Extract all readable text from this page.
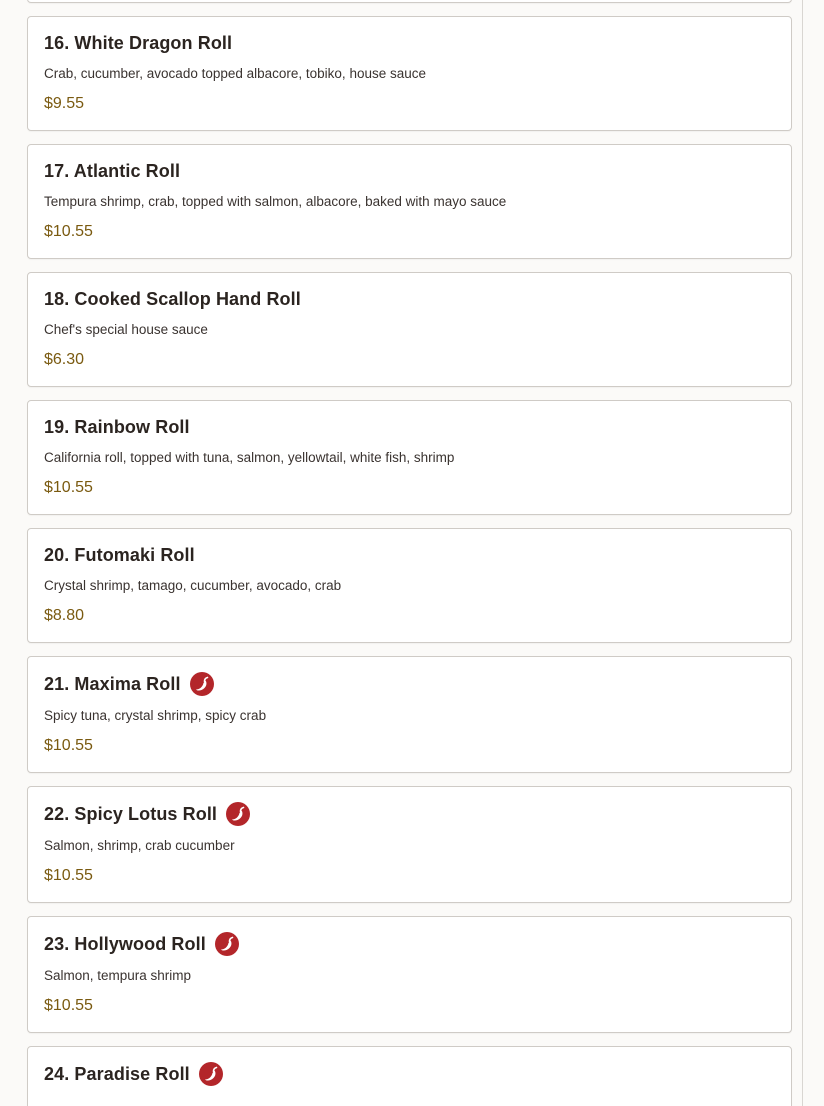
16. White Dragon Roll
Crab, cucumber, avocado topped albacore, tobiko, house sauce
$9.55
17. Atlantic Roll
Tempura shrimp, crab, topped with salmon, albacore, baked with mayo sauce
$10.55
18. Cooked Scallop Hand Roll
Chef's special house sauce
$6.30
19. Rainbow Roll
California roll, topped with tuna, salmon, yellowtail, white fish, shrimp
$10.55
20. Futomaki Roll
Crystal shrimp, tamago, cucumber, avocado, crab
$8.80
21. Maxima Roll
Spicy tuna, crystal shrimp, spicy crab
$10.55
22. Spicy Lotus Roll
Salmon, shrimp, crab cucumber
$10.55
23. Hollywood Roll
Salmon, tempura shrimp
$10.55
24. Paradise Roll
